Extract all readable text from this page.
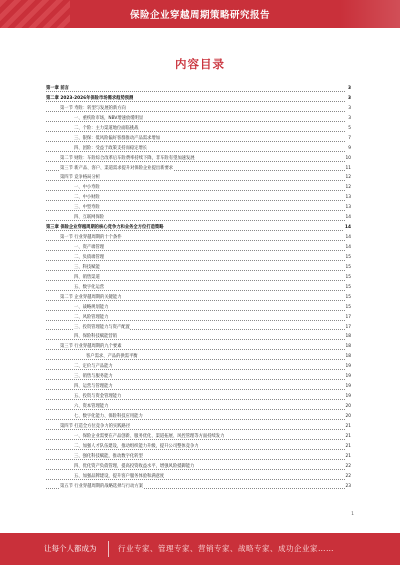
保险企业穿越周期策略研究报告
内容目录
第一章 前言	3
第二章 2023-2026年保险市场需求趋势预测	3
第一节 寿险：转型与发展的新方向	3
一、重疾险市场，NBV增速放缓明显	3
二、个险：主力渠道地位面临挑战	5
三、银保：低风险偏好客群推动产品需求增加	7
四、团险：受益于政策支持而稳定增长	9
第二节 财险：车险综合改革后车险费率持续下降，非车险有望加速发展	10
第三节 新产品、客户、渠道需求提升对保险企业提出新要求	11
第四节 竞争格局分析	12
一、中小寿险	12
二、中小财险	13
三、中型寿险	13
四、互联网保险	14
第三章 保险企业穿越周期的核心竞争力和业务全方位打造策略	14
第一节 行业穿越周期的十个条件	14
一、资产端管理	14
二、负债端管理	15
三、科技赋能	15
四、销售渠道	15
五、数字化运营	15
第二节 企业穿越周期的关键能力	15
一、战略规划能力	15
二、风险管理能力	17
三、投资管理能力与资产配置	17
四、保险科技赋能营销	18
第三节 行业穿越周期的九个要素	18
客户需求、产品的供需平衡	18
二、定价与产品能力	19
三、销售与服务能力	19
四、运营与管理能力	19
五、投资与资金管理能力	19
六、资本管理能力	20
七、数字化能力、保险科技应用能力	20
第四节 打造全方位竞争力的实践路径	21
一、保险企业需要在产品创新、服务优化、渠道拓展、风控管理等方面持续发力	21
二、加强人才队伍建设，推动组织能力升级，提升公司整体竞争力	21
三、强化科技赋能，推动数字化转型	21
四、优化资产负债管理，提高投资收益水平，增强风险抵御能力	22
五、加强品牌建设，提升客户服务体验和满意度	22
第五节 行业穿越周期的战略选择与行动方案	23
1
让每个人都成为	行业专家、管理专家、营销专家、战略专家、成功企业家……
